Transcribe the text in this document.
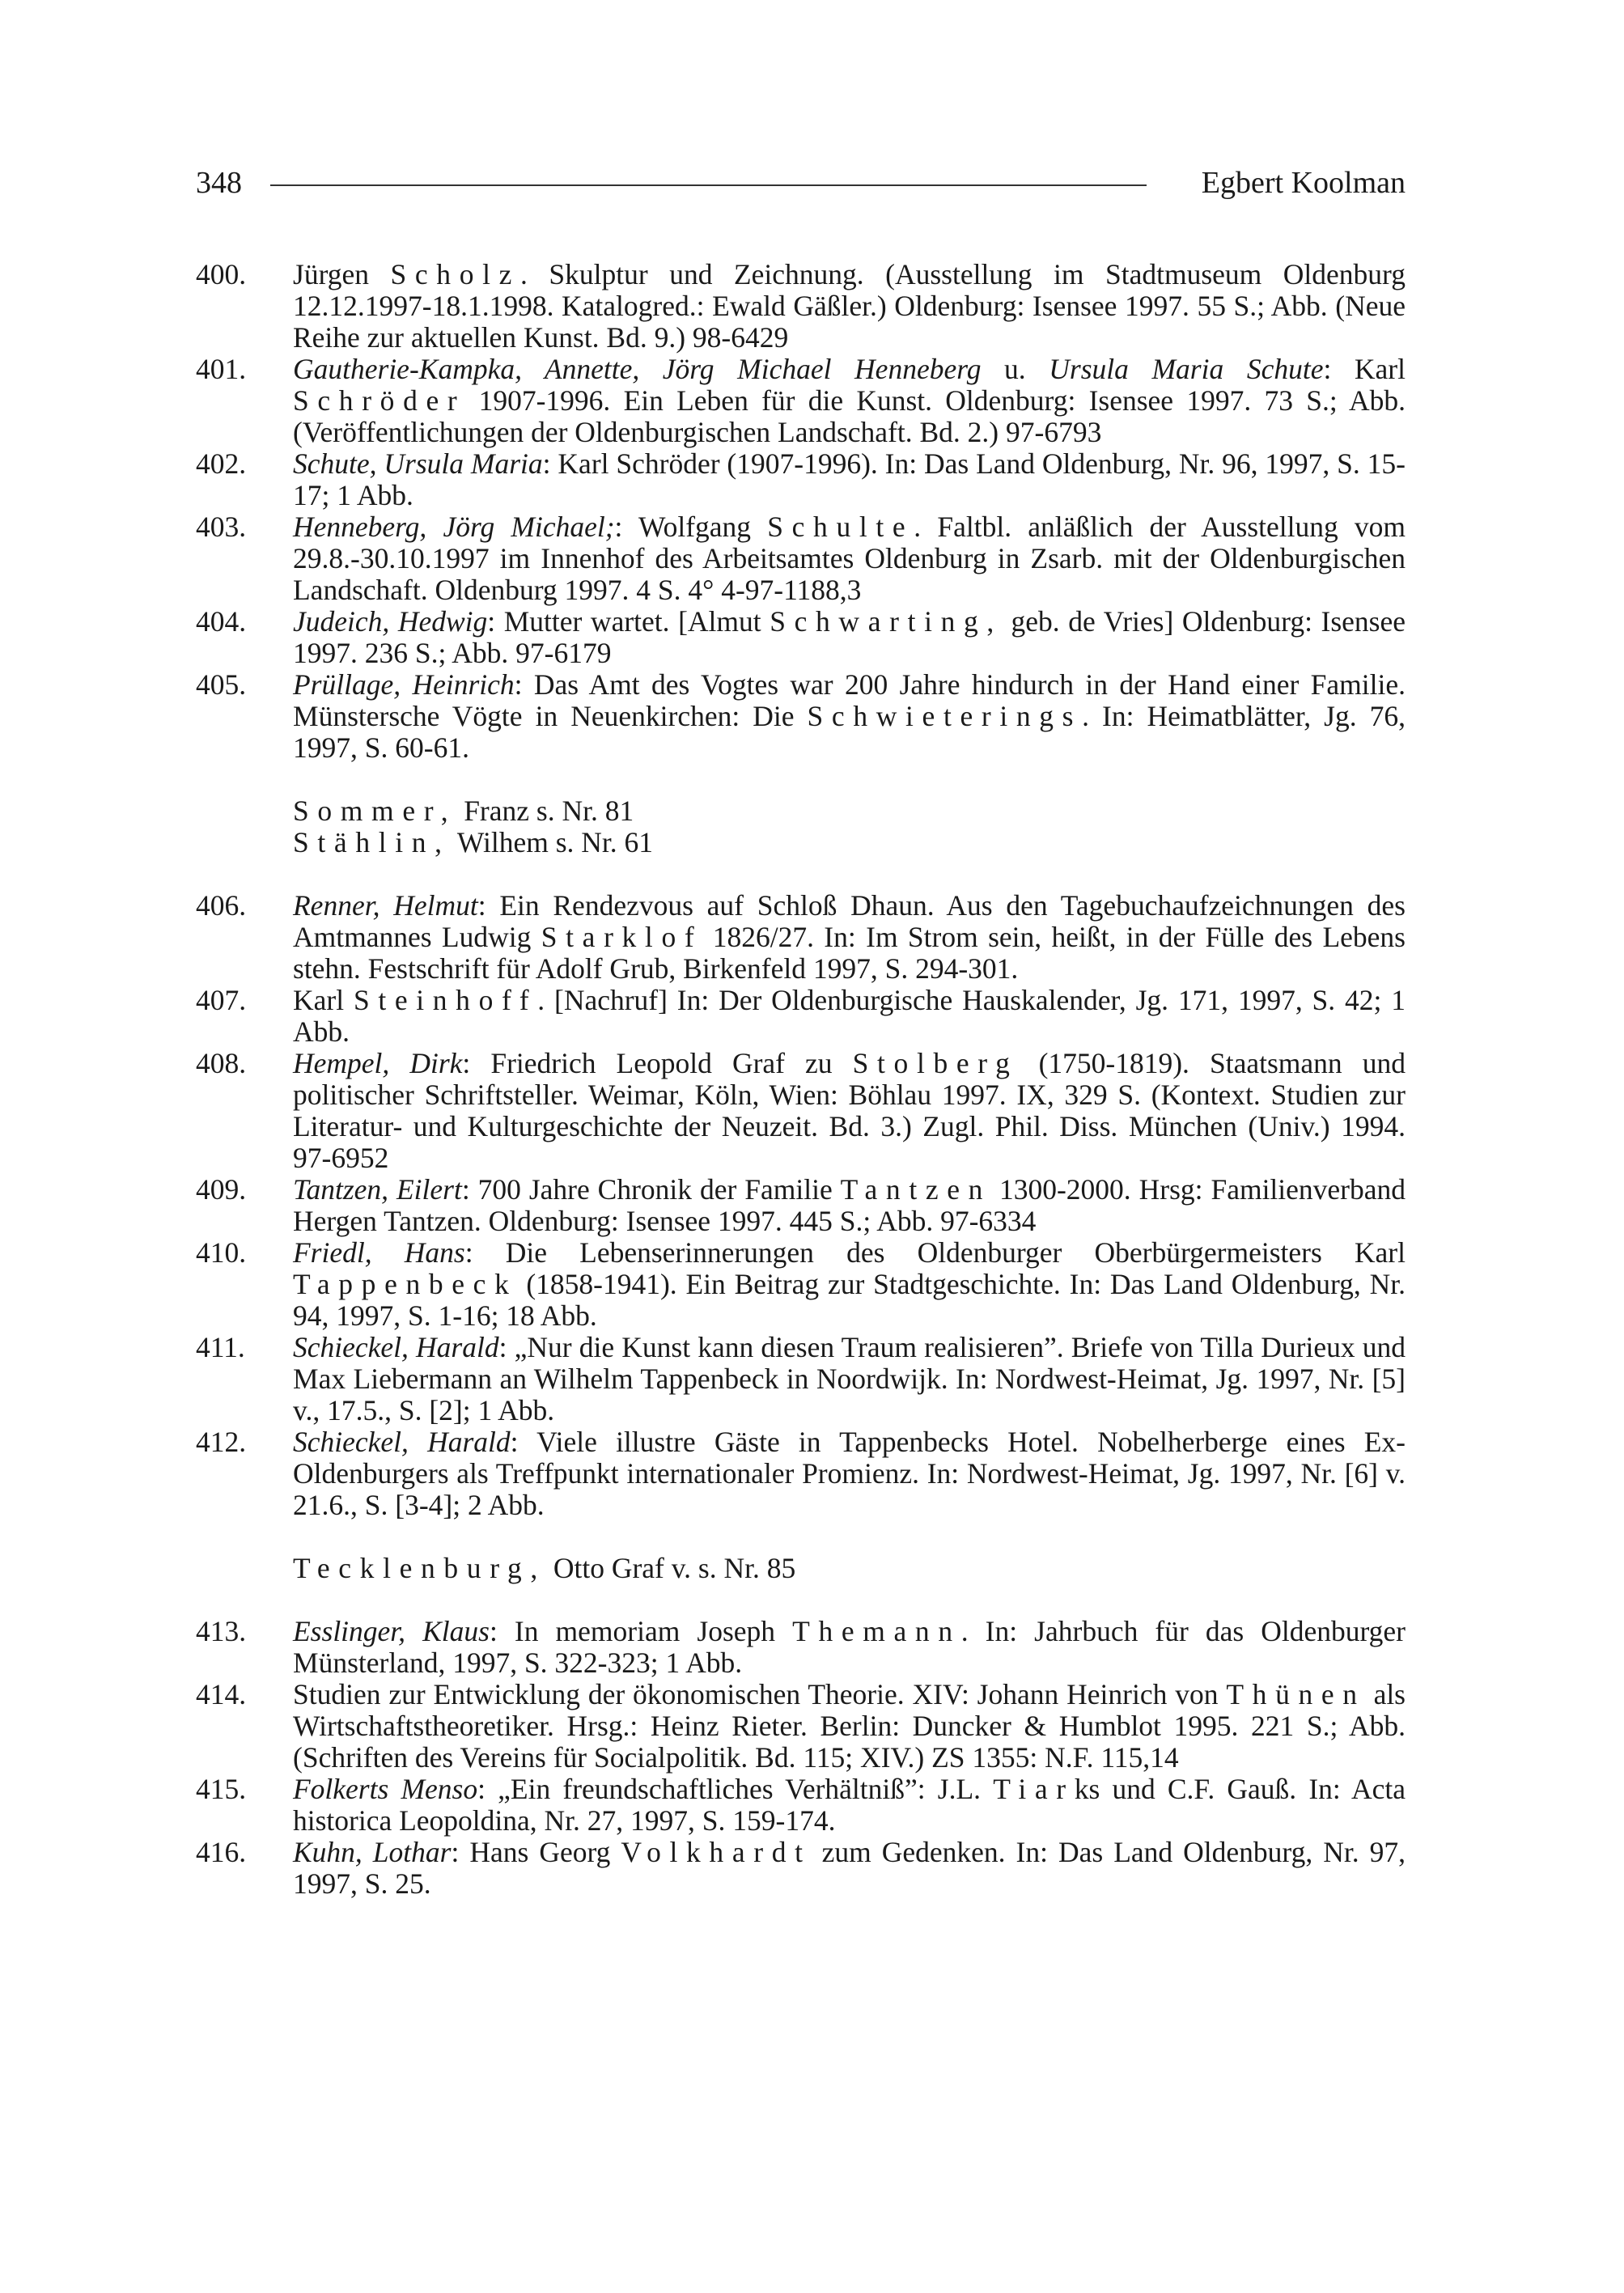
348	Egbert Koolman

400. Jürgen Scholz. Skulptur und Zeichnung. (Ausstellung im Stadtmuseum Oldenburg 12.12.1997-18.1.1998. Katalogred.: Ewald Gäßler.) Oldenburg: Isensee 1997. 55 S.; Abb. (Neue Reihe zur aktuellen Kunst. Bd. 9.) 98-6429

401. Gautherie-Kampka, Annette, Jörg Michael Henneberg u. Ursula Maria Schute: Karl Schröder 1907-1996. Ein Leben für die Kunst. Oldenburg: Isensee 1997. 73 S.; Abb. (Veröffentlichungen der Oldenburgischen Landschaft. Bd. 2.) 97-6793

402. Schute, Ursula Maria: Karl Schröder (1907-1996). In: Das Land Oldenburg, Nr. 96, 1997, S. 15-17; 1 Abb.

403. Henneberg, Jörg Michael;: Wolfgang Schulte. Faltbl. anläßlich der Ausstellung vom 29.8.-30.10.1997 im Innenhof des Arbeitsamtes Oldenburg in Zsarb. mit der Oldenburgischen Landschaft. Oldenburg 1997. 4 S. 4° 4-97-1188,3

404. Judeich, Hedwig: Mutter wartet. [Almut Schwarting, geb. de Vries] Oldenburg: Isensee 1997. 236 S.; Abb. 97-6179

405. Prüllage, Heinrich: Das Amt des Vogtes war 200 Jahre hindurch in der Hand einer Familie. Münstersche Vögte in Neuenkirchen: Die Schwieterings. In: Heimatblätter, Jg. 76, 1997, S. 60-61.

Sommer, Franz s. Nr. 81
Stählin, Wilhem s. Nr. 61

406. Renner, Helmut: Ein Rendezvous auf Schloß Dhaun. Aus den Tagebuchaufzeichnungen des Amtmannes Ludwig Starklof 1826/27. In: Im Strom sein, heißt, in der Fülle des Lebens stehn. Festschrift für Adolf Grub, Birkenfeld 1997, S. 294-301.

407. Karl Steinhoff. [Nachruf] In: Der Oldenburgische Hauskalender, Jg. 171, 1997, S. 42; 1 Abb.

408. Hempel, Dirk: Friedrich Leopold Graf zu Stolberg (1750-1819). Staatsmann und politischer Schriftsteller. Weimar, Köln, Wien: Böhlau 1997. IX, 329 S. (Kontext. Studien zur Literatur- und Kulturgeschichte der Neuzeit. Bd. 3.) Zugl. Phil. Diss. München (Univ.) 1994. 97-6952

409. Tantzen, Eilert: 700 Jahre Chronik der Familie Tantzen 1300-2000. Hrsg: Familienverband Hergen Tantzen. Oldenburg: Isensee 1997. 445 S.; Abb. 97-6334

410. Friedl, Hans: Die Lebenserinnerungen des Oldenburger Oberbürgermeisters Karl Tappenbeck (1858-1941). Ein Beitrag zur Stadtgeschichte. In: Das Land Oldenburg, Nr. 94, 1997, S. 1-16; 18 Abb.

411. Schieckel, Harald: „Nur die Kunst kann diesen Traum realisieren”. Briefe von Tilla Durieux und Max Liebermann an Wilhelm Tappenbeck in Noordwijk. In: Nordwest-Heimat, Jg. 1997, Nr. [5] v., 17.5., S. [2]; 1 Abb.

412. Schieckel, Harald: Viele illustre Gäste in Tappenbecks Hotel. Nobelherberge eines Ex-Oldenburgers als Treffpunkt internationaler Promienz. In: Nordwest-Heimat, Jg. 1997, Nr. [6] v. 21.6., S. [3-4]; 2 Abb.

Tecklenburg, Otto Graf v. s. Nr. 85

413. Esslinger, Klaus: In memoriam Joseph Themann. In: Jahrbuch für das Oldenburger Münsterland, 1997, S. 322-323; 1 Abb.

414. Studien zur Entwicklung der ökonomischen Theorie. XIV: Johann Heinrich von Thünen als Wirtschaftstheoretiker. Hrsg.: Heinz Rieter. Berlin: Duncker & Humblot 1995. 221 S.; Abb. (Schriften des Vereins für Socialpolitik. Bd. 115; XIV.) ZS 1355: N.F. 115,14

415. Folkerts Menso: „Ein freundschaftliches Verhältniß”: J.L. Tiarks und C.F. Gauß. In: Acta historica Leopoldina, Nr. 27, 1997, S. 159-174.

416. Kuhn, Lothar: Hans Georg Volkhardt zum Gedenken. In: Das Land Oldenburg, Nr. 97, 1997, S. 25.
